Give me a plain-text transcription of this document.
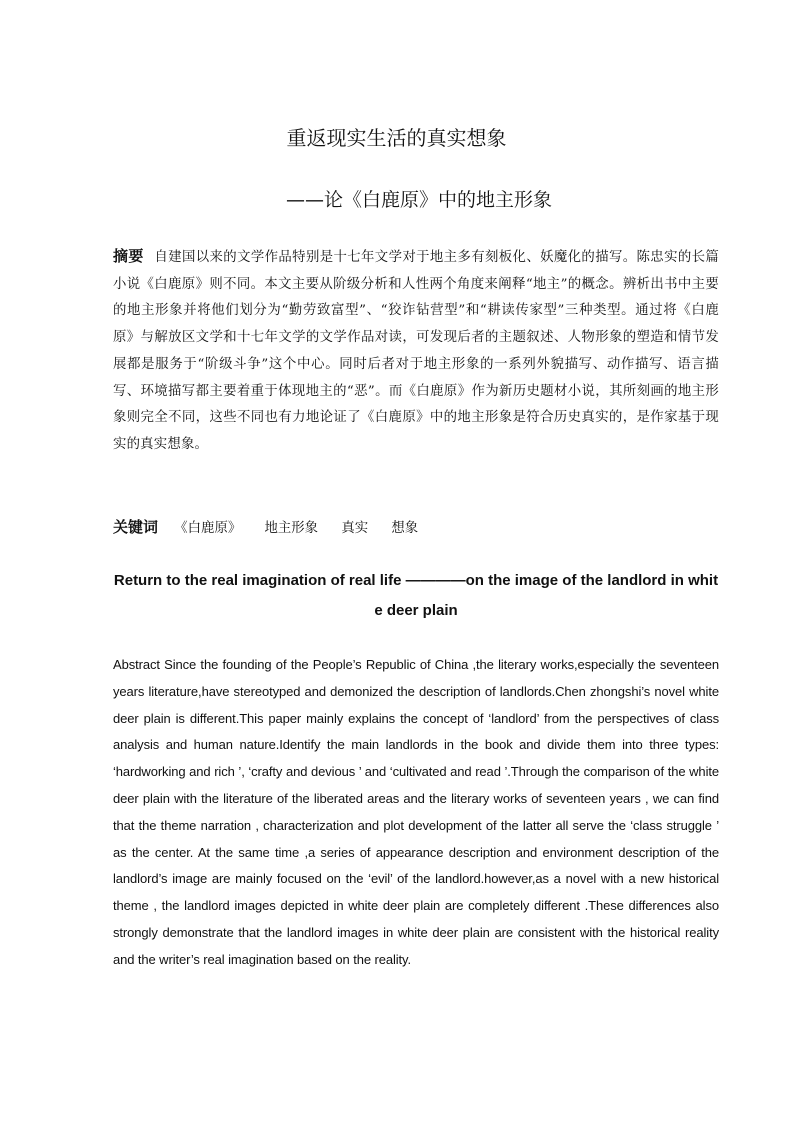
重返现实生活的真实想象
——论《白鹿原》中的地主形象
摘要 自建国以来的文学作品特别是十七年文学对于地主多有刻板化、妖魔化的描写。陈忠实的长篇小说《白鹿原》则不同。本文主要从阶级分析和人性两个角度来阐释“地主”的概念。辨析出书中主要的地主形象并将他们划分为“勤劳致富型”、“狡诈钻营型”和“耕读传家型”三种类型。通过将《白鹿原》与解放区文学和十七年文学的文学作品对读，可发现后者的主题叙述、人物形象的塑造和情节发展都是服务于“阶级斗争”这个中心。同时后者对于地主形象的一系列外貌描写、动作描写、语言描写、环境描写都主要着重于体现地主的“恶”。而《白鹿原》作为新历史题材小说，其所刻画的地主形象则完全不同，这些不同也有力地论证了《白鹿原》中的地主形象是符合历史真实的，是作家基于现实的真实想象。
关键词 《白鹿原》 地主形象 真实 想象
Return to the real imagination of real life ————on the image of the landlord in white deer plain
Abstract Since the founding of the People’s Republic of China ,the literary works,especially the seventeen years literature,have stereotyped and demonized the description of landlords.Chen zhongshi’s novel white deer plain is different.This paper mainly explains the concept of ‘landlord’ from the perspectives of class analysis and human nature.Identify the main landlords in the book and divide them into three types: ‘hardworking and rich ’, ‘crafty and devious ’ and ‘cultivated and read ’.Through the comparison of the white deer plain with the literature of the liberated areas and the literary works of seventeen years , we can find that the theme narration , characterization and plot development of the latter all serve the ‘class struggle ’ as the center. At the same time ,a series of appearance description and environment description of the landlord’s image are mainly focused on the ‘evil’ of the landlord.however,as a novel with a new historical theme , the landlord images depicted in white deer plain are completely different .These differences also strongly demonstrate that the landlord images in white deer plain are consistent with the historical reality and the writer’s real imagination based on the reality.
